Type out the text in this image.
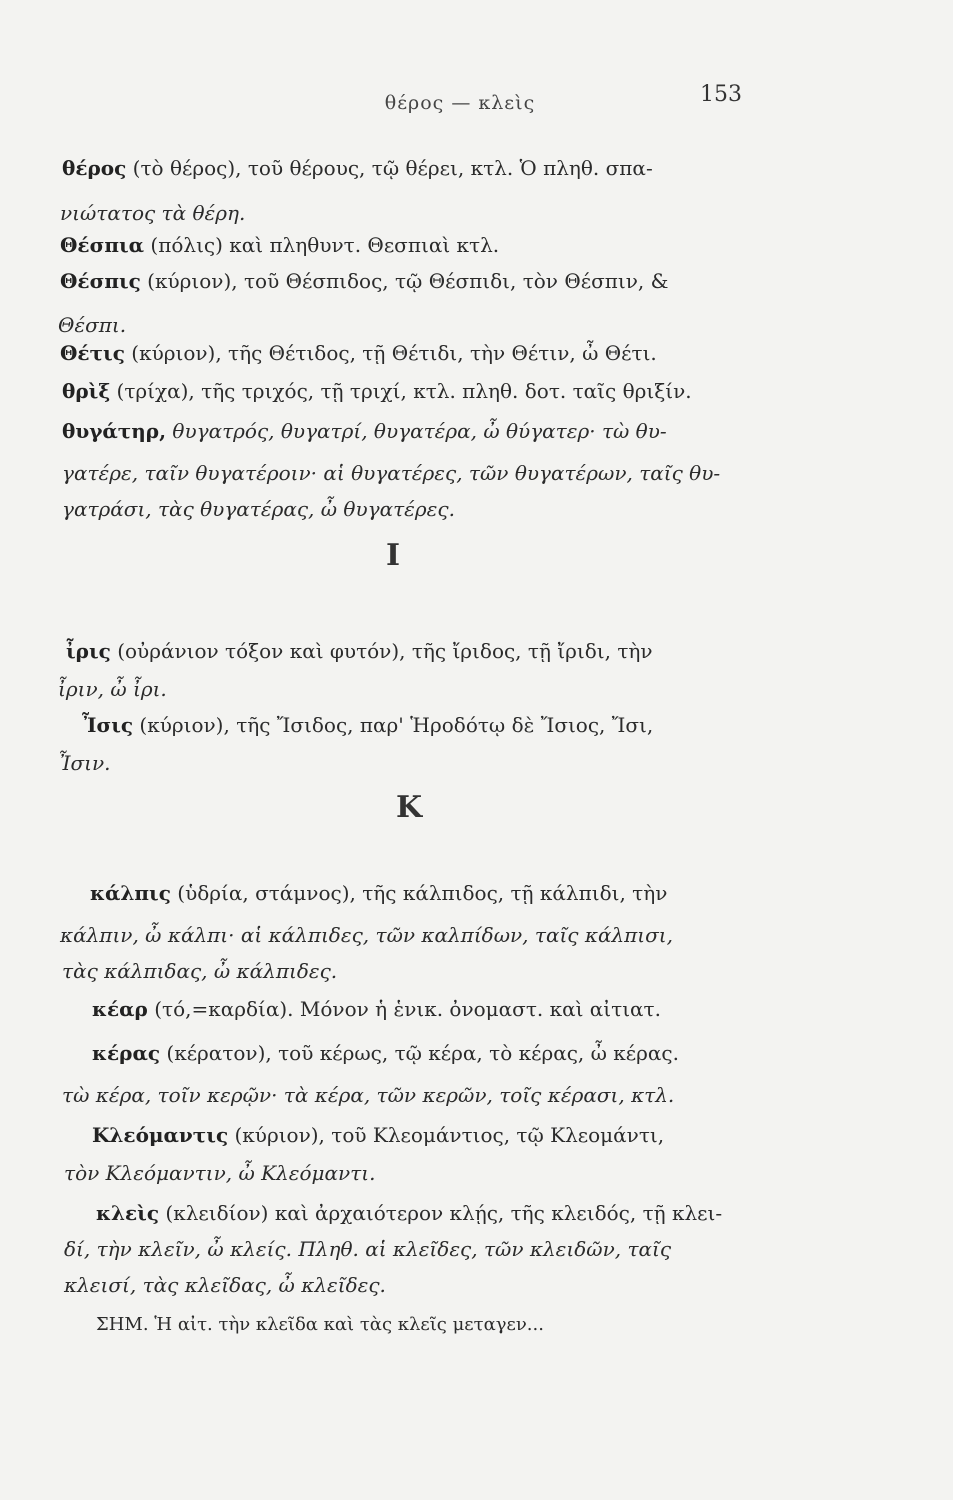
θέρος — κλεὶς	153
θέρος (τὸ θέρος), τοῦ θέρους, τῷ θέρει, κτλ. Ὁ πληθ. σπα-
νιώτατος τὰ θέρη.
Θέσπια (πόλις) καὶ πληθυντ. Θεσπιαὶ κτλ.
Θέσπις (κύριον), τοῦ Θέσπιδος, τῷ Θέσπιδι, τὸν Θέσπιν, &
Θέσπι.
Θέτις (κύριον), τῆς Θέτιδος, τῇ Θέτιδι, τὴν Θέτιν, ὦ Θέτι.
θρὶξ (τρίχα), τῆς τριχός, τῇ τριχί, κτλ. πληθ. δοτ. ταῖς θριξίν.
θυγάτηρ, θυγατρός, θυγατρί, θυγατέρα, ὦ θύγατερ· τὼ θυ-
γατέρε, ταῖν θυγατέροιν· αἱ θυγατέρες, τῶν θυγατέρων, ταῖς θυ-
γατράσι, τὰς θυγατέρας, ὦ θυγατέρες.
Ι
ἶρις (οὐράνιον τόξον καὶ φυτόν), τῆς ἴριδος, τῇ ἴριδι, τὴν
ἶριν, ὦ ἶρι.
Ἶσις (κύριον), τῆς Ἴσιδος, παρ' Ἡροδότῳ δὲ Ἴσιος, Ἴσι,
Ἶσιν.
Κ
κάλπις (ὑδρία, στάμνος), τῆς κάλπιδος, τῇ κάλπιδι, τὴν
κάλπιν, ὦ κάλπι· αἱ κάλπιδες, τῶν καλπίδων, ταῖς κάλπισι,
τὰς κάλπιδας, ὦ κάλπιδες.
κέαρ (τό,=καρδία). Μόνον ἡ ἑνικ. ὀνομαστ. καὶ αἰτιατ.
κέρας (κέρατον), τοῦ κέρως, τῷ κέρα, τὸ κέρας, ὦ κέρας.
τὼ κέρα, τοῖν κερῷν· τὰ κέρα, τῶν κερῶν, τοῖς κέρασι, κτλ.
Κλεόμαντις (κύριον), τοῦ Κλεομάντιος, τῷ Κλεομάντι,
τὸν Κλεόμαντιν, ὦ Κλεόμαντι.
κλεὶς (κλειδίον) καὶ ἀρχαιότερον κλῄς, τῆς κλειδός, τῇ κλει-
δί, τὴν κλεῖν, ὦ κλείς. Πληθ. αἱ κλεῖδες, τῶν κλειδῶν, ταῖς
κλεισί, τὰς κλεῖδας, ὦ κλεῖδες.
ΣΗΜ. Ἡ αἰτ. τὴν κλεῖδα καὶ τὰς κλεῖς μεταγεν...
